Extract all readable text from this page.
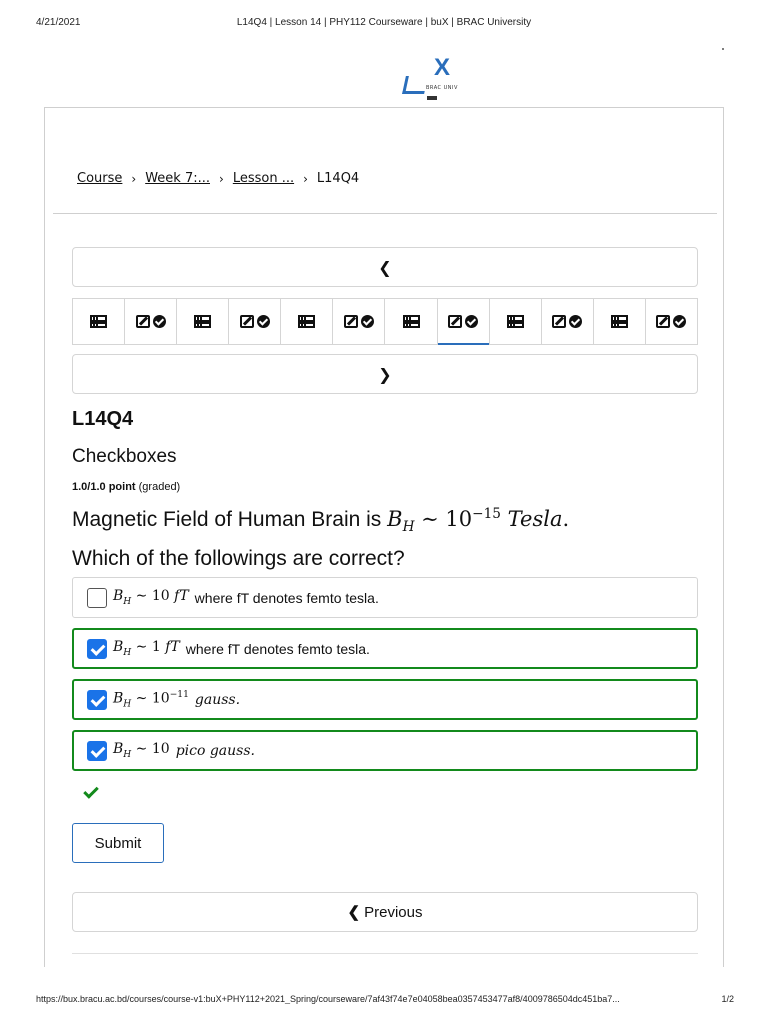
4/21/2021	L14Q4 | Lesson 14 | PHY112 Courseware | buX | BRAC University
X
BRAC UNIV
Course › Week 7:... › Lesson ... › L14Q4
❮
❯
L14Q4
Checkboxes
1.0/1.0 point (graded)
Magnetic Field of Human Brain is $B_H$ ∼ $10^{-15}$ Tesla.
Which of the followings are correct?
$B_H$ ∼ 10 fT where fT denotes femto tesla.
$B_H$ ∼ 1 fT where fT denotes femto tesla.
$B_H$ ∼ $10^{-11}$ gauss.
$B_H$ ∼ 10 pico gauss.
Submit
❮ Previous
https://bux.bracu.ac.bd/courses/course-v1:buX+PHY112+2021_Spring/courseware/7af43f74e7e04058bea0357453477af8/4009786504dc451ba7...	1/2
